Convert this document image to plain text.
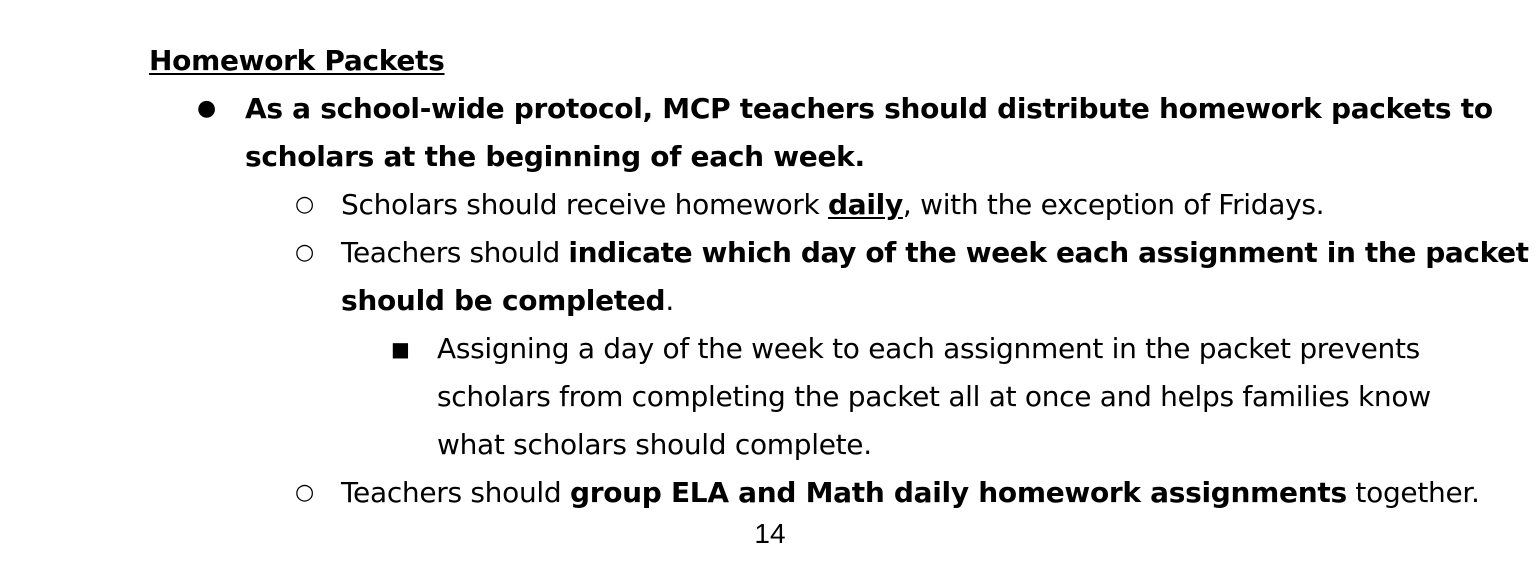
Homework Packets
● As a school-wide protocol, MCP teachers should distribute homework packets to
scholars at the beginning of each week.
○ Scholars should receive homework daily, with the exception of Fridays.
○ Teachers should indicate which day of the week each assignment in the packet
should be completed.
■ Assigning a day of the week to each assignment in the packet prevents
scholars from completing the packet all at once and helps families know
what scholars should complete.
○ Teachers should group ELA and Math daily homework assignments together.
14
